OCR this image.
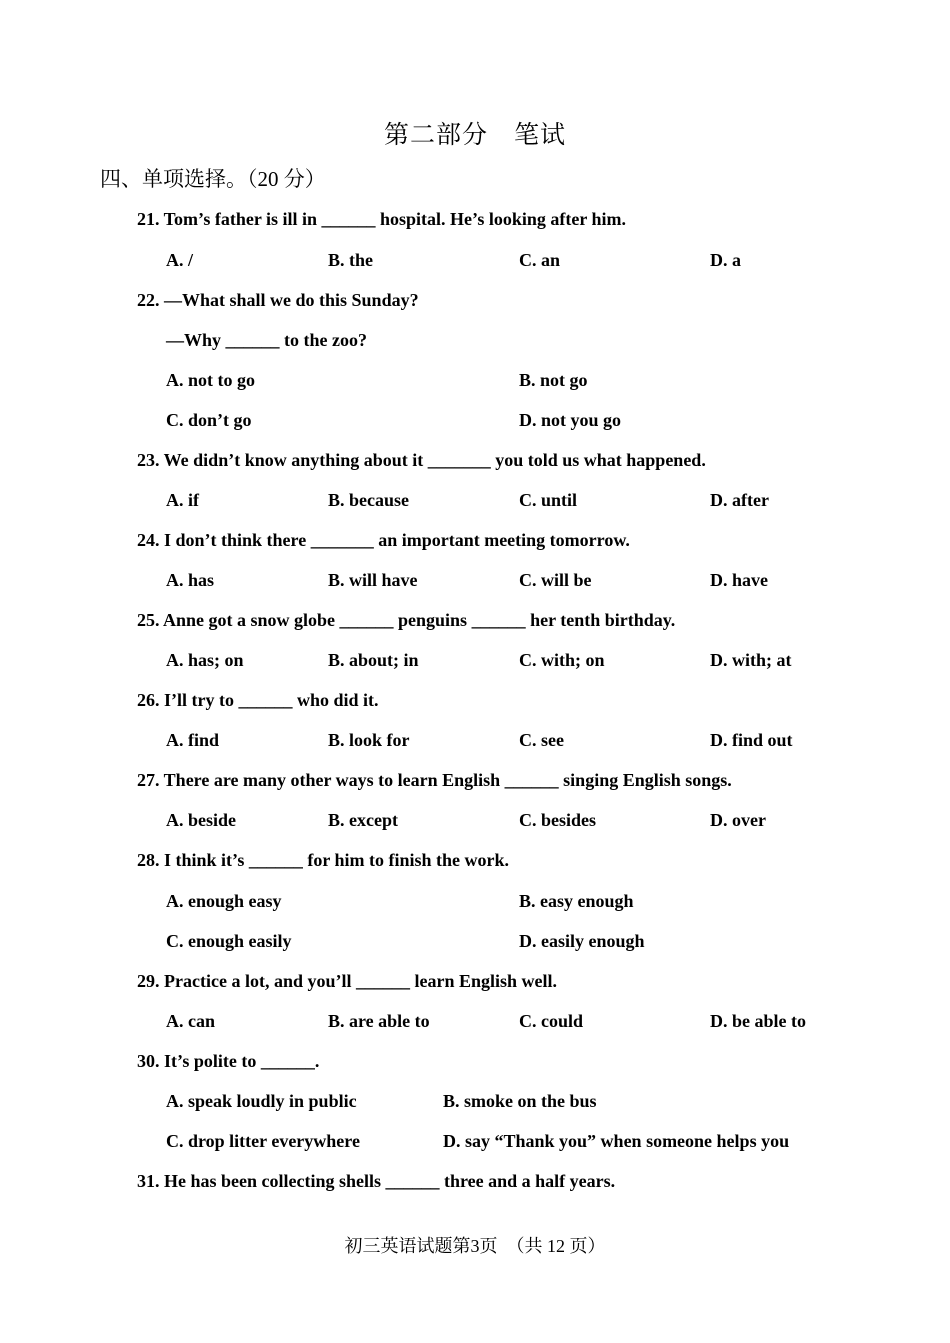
第二部分　笔试
四、单项选择。（20 分）
21. Tom’s father is ill in ______ hospital. He’s looking after him.
A. /	B. the	C. an	D. a
22. —What shall we do this Sunday?
—Why ______ to the zoo?
A. not to go	B. not go
C. don’t go	D. not you go
23. We didn’t know anything about it _______ you told us what happened.
A. if	B. because	C. until	D. after
24. I don’t think there _______ an important meeting tomorrow.
A. has	B. will have	C. will be	D. have
25. Anne got a snow globe ______ penguins ______ her tenth birthday.
A. has; on	B. about; in	C. with; on	D. with; at
26. I’ll try to ______ who did it.
A. find	B. look for	C. see	D. find out
27. There are many other ways to learn English ______ singing English songs.
A. beside	B. except	C. besides	D. over
28. I think it’s ______ for him to finish the work.
A. enough easy	B. easy enough
C. enough easily	D. easily enough
29. Practice a lot, and you’ll ______ learn English well.
A. can	B. are able to	C. could	D. be able to
30. It’s polite to ______.
A. speak loudly in public	B. smoke on the bus
C. drop litter everywhere	D. say “Thank you” when someone helps you
31. He has been collecting shells ______ three and a half years.
初三英语试题第3页　（共 12 页）
